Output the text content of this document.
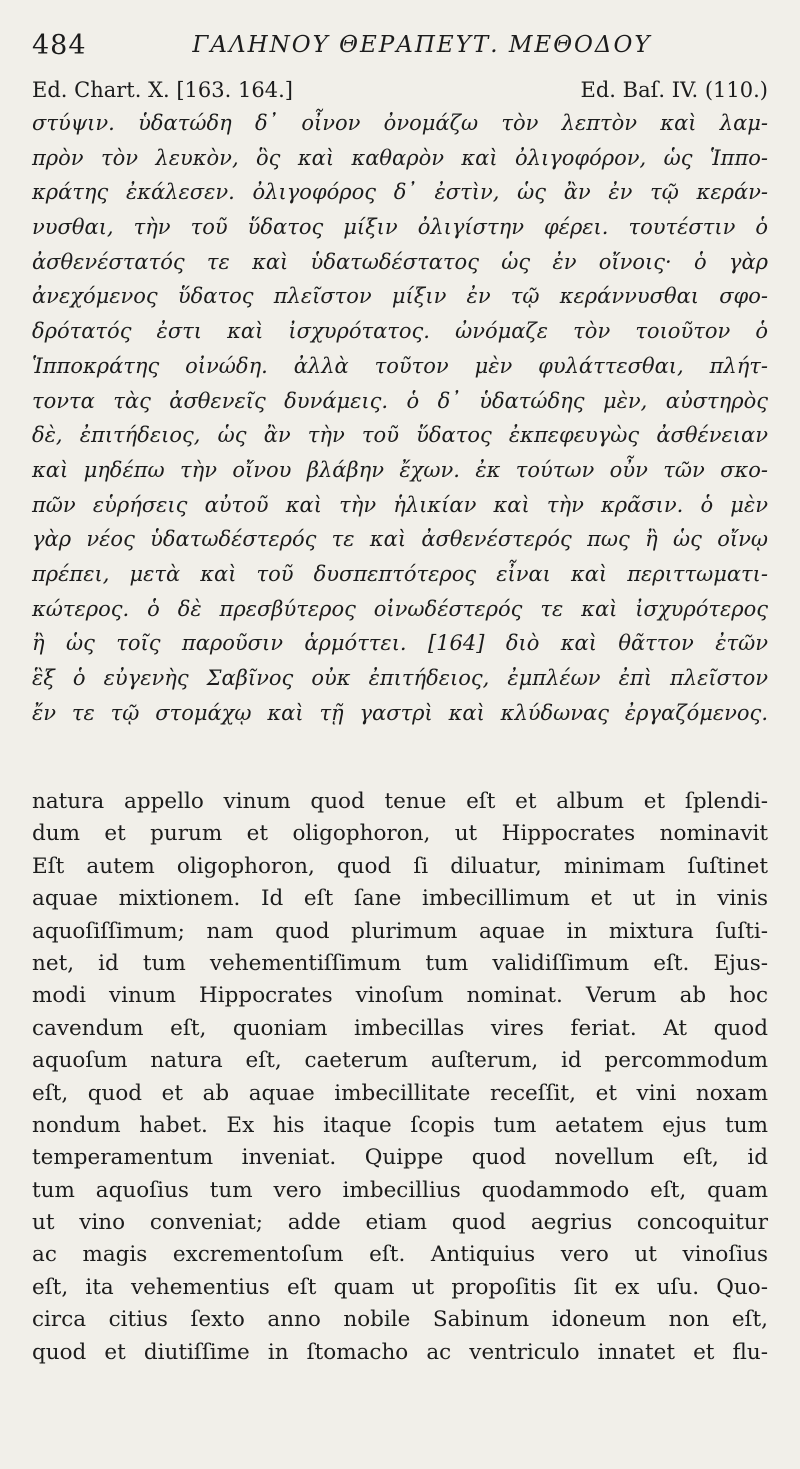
484	ΓΑΛΗΝΟΥ ΘΕΡΑΠΕΥΤ. ΜΕΘΟΔΟΥ
Ed. Chart. X. [163. 164.]	Ed. Baſ. IV. (110.)
στύψιν. ὑδατώδη δ᾽ οἶνον ὀνομάζω τὸν λεπτὸν καὶ λαμ-
πρὸν τὸν λευκὸν, ὃς καὶ καθαρὸν καὶ ὀλιγοφόρον, ὡς Ἱππο-
κράτης ἐκάλεσεν. ὀλιγοφόρος δ᾽ ἐστὶν, ὡς ἂν ἐν τῷ κεράν-
νυσθαι, τὴν τοῦ ὕδατος μίξιν ὀλιγίστην φέρει. τουτέστιν ὁ
ἀσθενέστατός τε καὶ ὑδατωδέστατος ὡς ἐν οἴνοις· ὁ γὰρ
ἀνεχόμενος ὕδατος πλεῖστον μίξιν ἐν τῷ κεράννυσθαι σφο-
δρότατός ἐστι καὶ ἰσχυρότατος. ὠνόμαζε τὸν τοιοῦτον ὁ
Ἱπποκράτης οἰνώδη. ἀλλὰ τοῦτον μὲν φυλάττεσθαι, πλήτ-
τοντα τὰς ἀσθενεῖς δυνάμεις. ὁ δ᾽ ὑδατώδης μὲν, αὐστηρὸς
δὲ, ἐπιτήδειος, ὡς ἂν τὴν τοῦ ὕδατος ἐκπεφευγὼς ἀσθένειαν
καὶ μηδέπω τὴν οἴνου βλάβην ἔχων. ἐκ τούτων οὖν τῶν σκο-
πῶν εὑρήσεις αὐτοῦ καὶ τὴν ἡλικίαν καὶ τὴν κρᾶσιν. ὁ μὲν
γὰρ νέος ὑδατωδέστερός τε καὶ ἀσθενέστερός πως ἢ ὡς οἴνῳ
πρέπει, μετὰ καὶ τοῦ δυσπεπτότερος εἶναι καὶ περιττωματι-
κώτερος. ὁ δὲ πρεσβύτερος οἰνωδέστερός τε καὶ ἰσχυρότερος
ἢ ὡς τοῖς παροῦσιν ἁρμόττει. [164] διὸ καὶ θᾶττον ἐτῶν
ἓξ ὁ εὐγενὴς Σαβῖνος οὐκ ἐπιτήδειος, ἐμπλέων ἐπὶ πλεῖστον
ἔν τε τῷ στομάχῳ καὶ τῇ γαστρὶ καὶ κλύδωνας ἐργαζόμενος.
natura appello vinum quod tenue eſt et album et ſplendi-
dum et purum et oligophoron, ut Hippocrates nominavit
Eſt autem oligophoron, quod ſi diluatur, minimam ſuſtinet
aquae mixtionem. Id eſt ſane imbecillimum et ut in vinis
aquoſiſſimum; nam quod plurimum aquae in mixtura ſuſti-
net, id tum vehementiſſimum tum validiſſimum eſt. Ejus-
modi vinum Hippocrates vinoſum nominat. Verum ab hoc
cavendum eſt, quoniam imbecillas vires feriat. At quod
aquoſum natura eſt, caeterum auſterum, id percommodum
eſt, quod et ab aquae imbecillitate receſſit, et vini noxam
nondum habet. Ex his itaque ſcopis tum aetatem ejus tum
temperamentum inveniat. Quippe quod novellum eſt, id
tum aquoſius tum vero imbecillius quodammodo eſt, quam
ut vino conveniat; adde etiam quod aegrius concoquitur
ac magis excrementoſum eſt. Antiquius vero ut vinoſius
eſt, ita vehementius eſt quam ut propoſitis ſit ex uſu. Quo-
circa citius ſexto anno nobile Sabinum idoneum non eſt,
quod et diutiſſime in ſtomacho ac ventriculo innatet et flu-
